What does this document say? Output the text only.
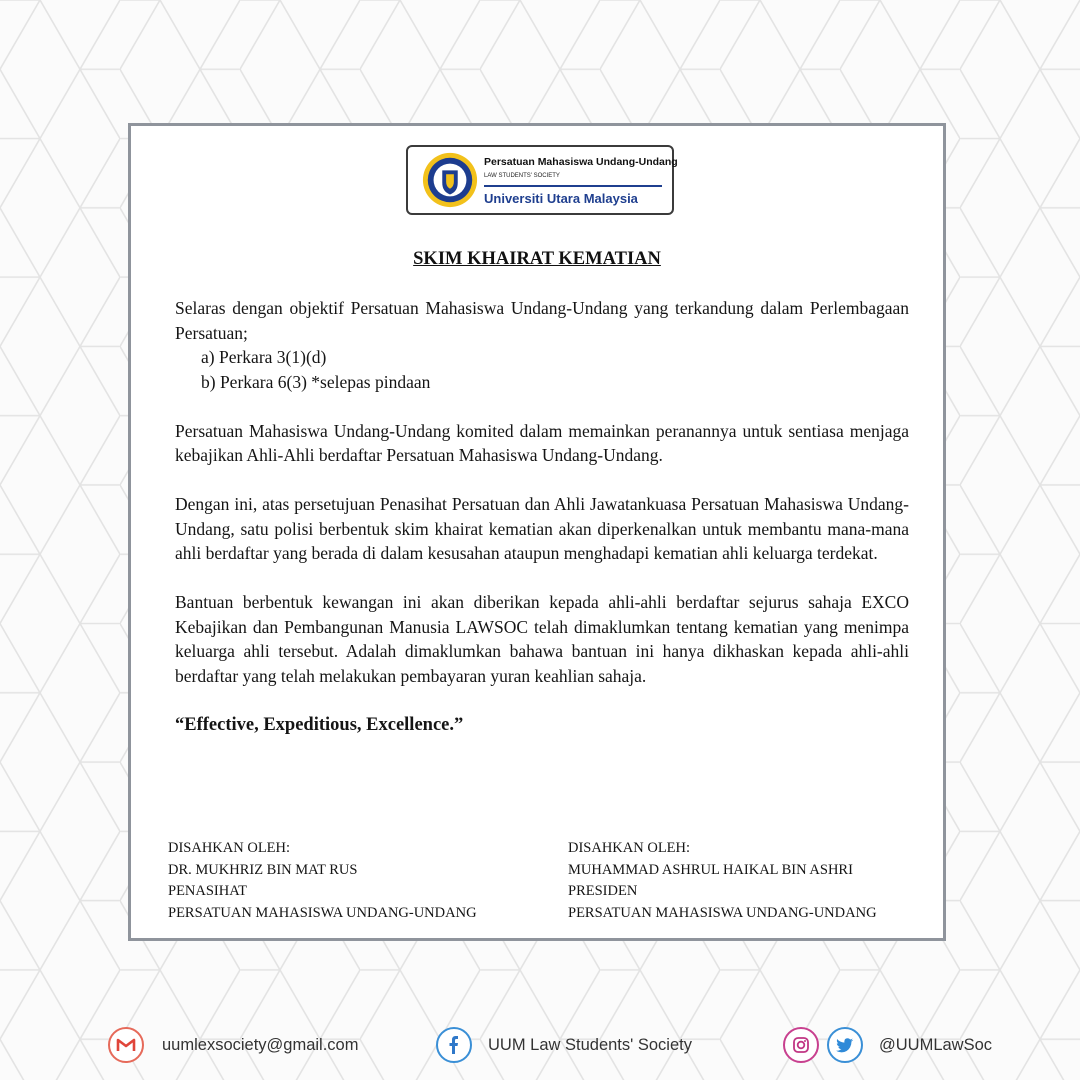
Persatuan Mahasiswa Undang-Undang
LAW STUDENTS' SOCIETY
Universiti Utara Malaysia
SKIM KHAIRAT KEMATIAN

Selaras dengan objektif Persatuan Mahasiswa Undang-Undang yang terkandung dalam Perlembagaan Persatuan;

a) Perkara 3(1)(d)
b) Perkara 6(3) *selepas pindaan

Persatuan Mahasiswa Undang-Undang komited dalam memainkan peranannya untuk sentiasa menjaga kebajikan Ahli-Ahli berdaftar Persatuan Mahasiswa Undang-Undang.

Dengan ini, atas persetujuan Penasihat Persatuan dan Ahli Jawatankuasa Persatuan Mahasiswa Undang-Undang, satu polisi berbentuk skim khairat kematian akan diperkenalkan untuk membantu mana-mana ahli berdaftar yang berada di dalam kesusahan ataupun menghadapi kematian ahli keluarga terdekat.

Bantuan berbentuk kewangan ini akan diberikan kepada ahli-ahli berdaftar sejurus sahaja EXCO Kebajikan dan Pembangunan Manusia LAWSOC telah dimaklumkan tentang kematian yang menimpa keluarga ahli tersebut. Adalah dimaklumkan bahawa bantuan ini hanya dikhaskan kepada ahli-ahli berdaftar yang telah melakukan pembayaran yuran keahlian sahaja.

“Effective, Expeditious, Excellence.”

DISAHKAN OLEH:
DR. MUKHRIZ BIN MAT RUS
PENASIHAT
PERSATUAN MAHASISWA UNDANG-UNDANG
DISAHKAN OLEH:
MUHAMMAD ASHRUL HAIKAL BIN ASHRI
PRESIDEN
PERSATUAN MAHASISWA UNDANG-UNDANG
uumlexsociety@gmail.com	UUM Law Students' Society	@UUMLawSoc
